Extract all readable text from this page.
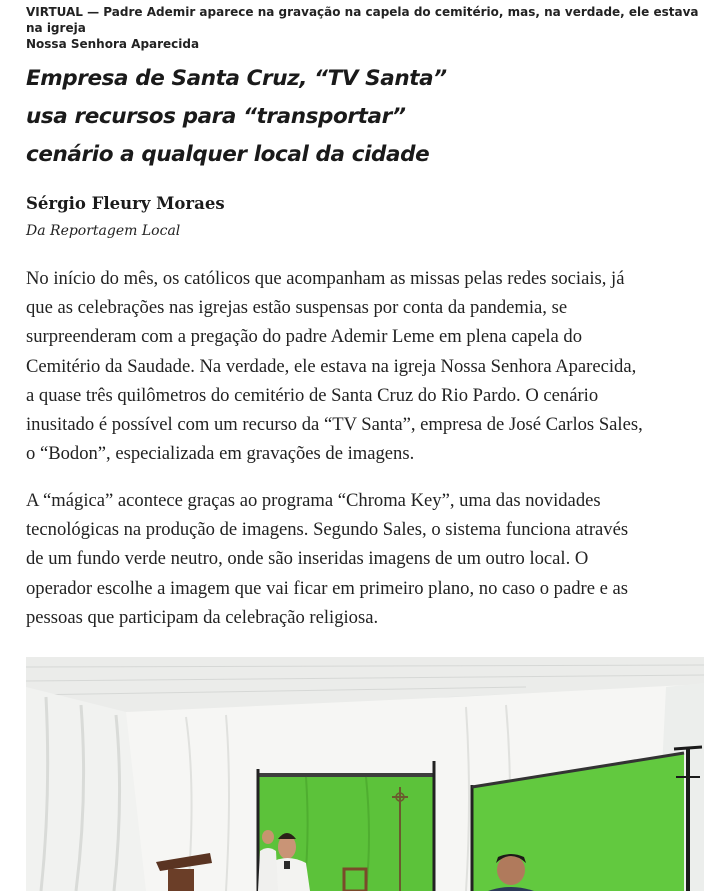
VIRTUAL — Padre Ademir aparece na gravação na capela do cemitério, mas, na verdade, ele estava na igreja
Nossa Senhora Aparecida
Empresa de Santa Cruz, “TV Santa”
usa recursos para “transportar”
cenário a qualquer local da cidade
Sérgio Fleury Moraes
Da Reportagem Local
No início do mês, os católicos que acompanham as missas pelas redes sociais, já
que as celebrações nas igrejas estão suspensas por conta da pandemia, se
surpreenderam com a pregação do padre Ademir Leme em plena capela do
Cemitério da Saudade. Na verdade, ele estava na igreja Nossa Senhora Aparecida,
a quase três quilômetros do cemitério de Santa Cruz do Rio Pardo. O cenário
inusitado é possível com um recurso da “TV Santa”, empresa de José Carlos Sales,
o “Bodon”, especializada em gravações de imagens.
A “mágica” acontece graças ao programa “Chroma Key”, uma das novidades
tecnológicas na produção de imagens. Segundo Sales, o sistema funciona através
de um fundo verde neutro, onde são inseridas imagens de um outro local. O
operador escolhe a imagem que vai ficar em primeiro plano, no caso o padre e as
pessoas que participam da celebração religiosa.
